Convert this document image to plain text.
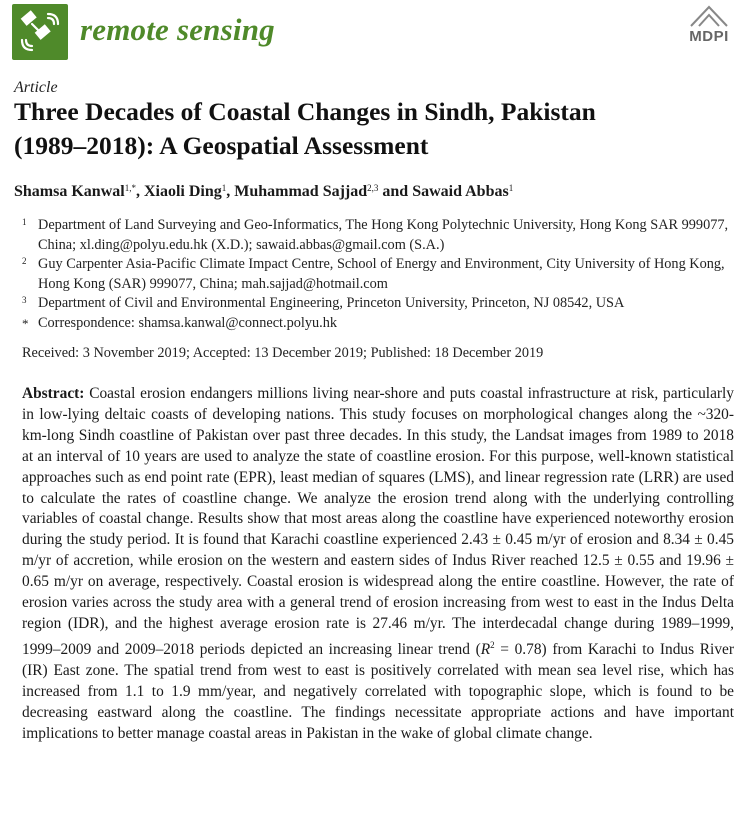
remote sensing	MDPI
Article
Three Decades of Coastal Changes in Sindh, Pakistan
(1989–2018): A Geospatial Assessment
Shamsa Kanwal$^{1,*}$, Xiaoli Ding$^1$, Muhammad Sajjad$^{2,3}$ and Sawaid Abbas$^1$
1 Department of Land Surveying and Geo-Informatics, The Hong Kong Polytechnic University, Hong Kong SAR 999077, China; xl.ding@polyu.edu.hk (X.D.); sawaid.abbas@gmail.com (S.A.)
2 Guy Carpenter Asia-Pacific Climate Impact Centre, School of Energy and Environment, City University of Hong Kong, Hong Kong (SAR) 999077, China; mah.sajjad@hotmail.com
3 Department of Civil and Environmental Engineering, Princeton University, Princeton, NJ 08542, USA
* Correspondence: shamsa.kanwal@connect.polyu.hk
Received: 3 November 2019; Accepted: 13 December 2019; Published: 18 December 2019

Abstract: Coastal erosion endangers millions living near-shore and puts coastal infrastructure at risk, particularly in low-lying deltaic coasts of developing nations. This study focuses on morphological changes along the ~320-km-long Sindh coastline of Pakistan over past three decades. In this study, the Landsat images from 1989 to 2018 at an interval of 10 years are used to analyze the state of coastline erosion. For this purpose, well-known statistical approaches such as end point rate (EPR), least median of squares (LMS), and linear regression rate (LRR) are used to calculate the rates of coastline change. We analyze the erosion trend along with the underlying controlling variables of coastal change. Results show that most areas along the coastline have experienced noteworthy erosion during the study period. It is found that Karachi coastline experienced 2.43 ± 0.45 m/yr of erosion and 8.34 ± 0.45 m/yr of accretion, while erosion on the western and eastern sides of Indus River reached 12.5 ± 0.55 and 19.96 ± 0.65 m/yr on average, respectively. Coastal erosion is widespread along the entire coastline. However, the rate of erosion varies across the study area with a general trend of erosion increasing from west to east in the Indus Delta region (IDR), and the highest average erosion rate is 27.46 m/yr. The interdecadal change during 1989–1999, 1999–2009 and 2009–2018 periods depicted an increasing linear trend $(R^2 = 0.78)$ from Karachi to Indus River (IR) East zone. The spatial trend from west to east is positively correlated with mean sea level rise, which has increased from 1.1 to 1.9 mm/year, and negatively correlated with topographic slope, which is found to be decreasing eastward along the coastline. The findings necessitate appropriate actions and have important implications to better manage coastal areas in Pakistan in the wake of global climate change.
